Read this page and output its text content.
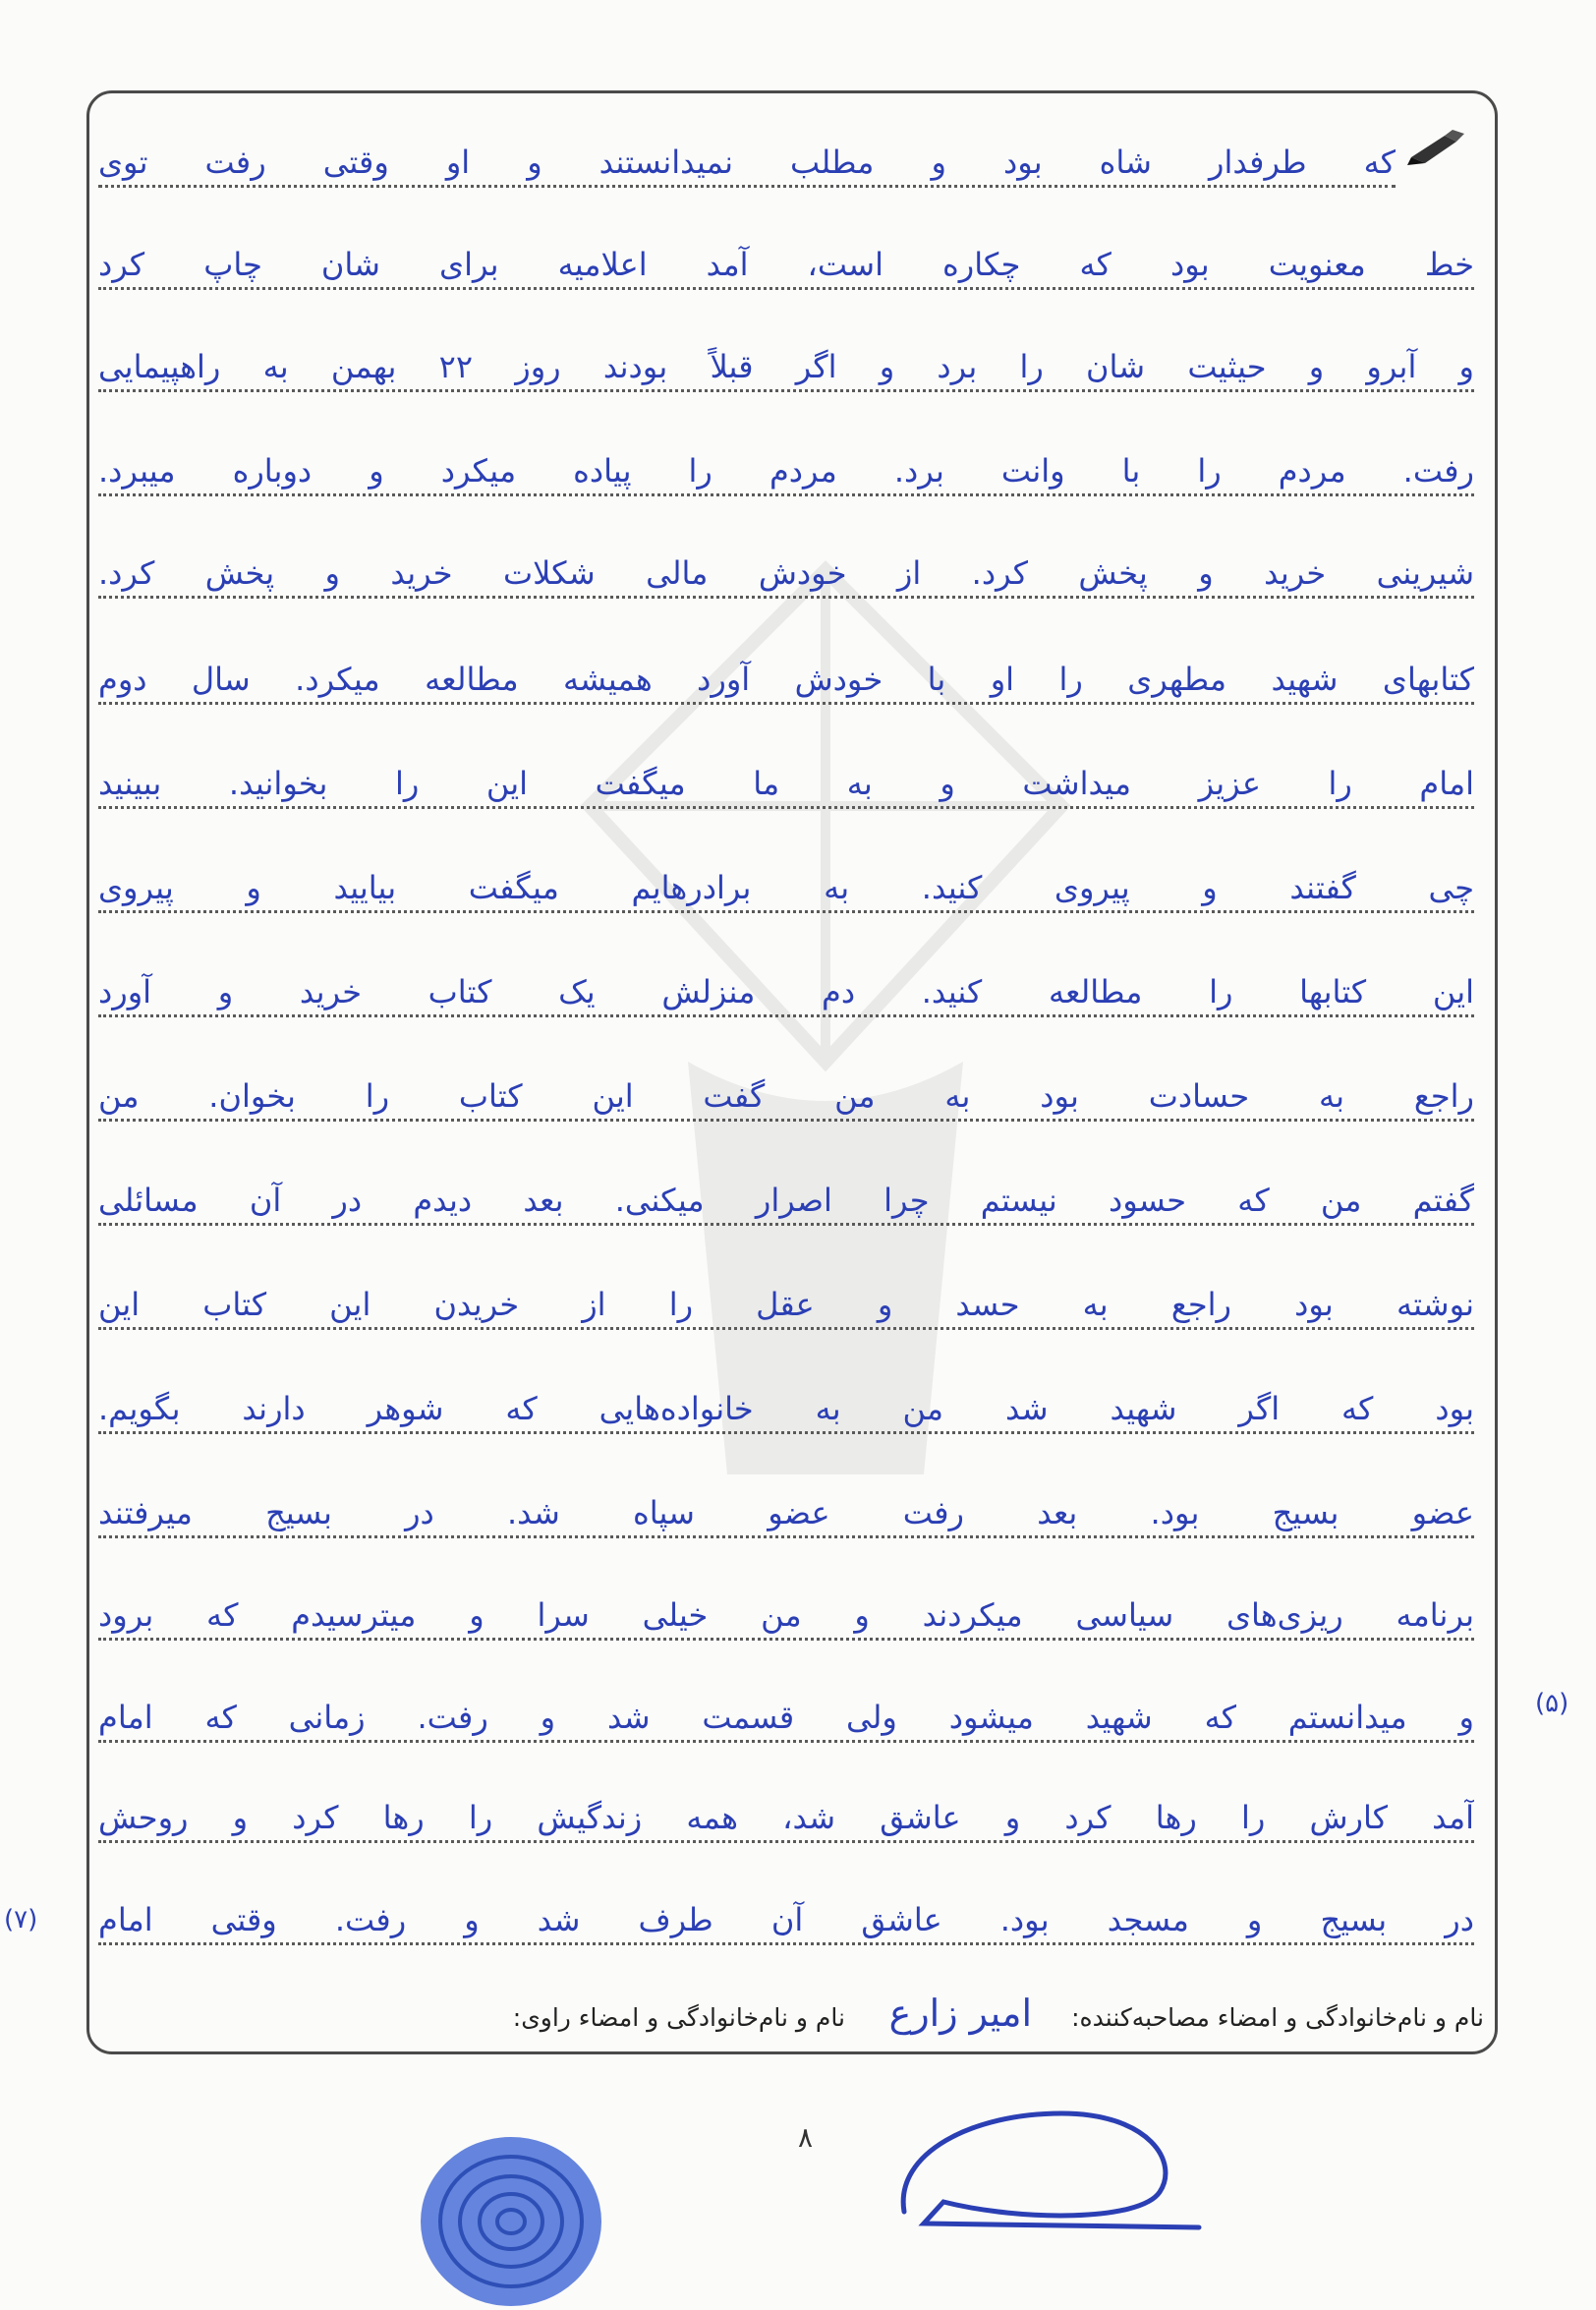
که طرفدار شاه بود و مطلب نمیدانستند و او وقتی رفت توی
خط معنویت بود که چکاره است، آمد اعلامیه برای شان چاپ کرد
و آبرو و حیثیت شان را برد و اگر قبلاً بودند روز ۲۲ بهمن به راهپیمایی
رفت. مردم را با وانت برد. مردم را پیاده میکرد و دوباره میبرد.
شیرینی خرید و پخش کرد. از خودش مالی شکلات خرید و پخش کرد.
کتابهای شهید مطهری را او با خودش آورد همیشه مطالعه میکرد. سال دوم
امام را عزیز میداشت و به ما میگفت این را بخوانید. ببینید
چی گفتند و پیروی کنید. به برادرهایم میگفت بیایید و پیروی
این کتابها را مطالعه کنید. دم منزلش یک کتاب خرید و آورد
راجع به حسادت بود به من گفت این کتاب را بخوان. من
گفتم من که حسود نیستم چرا اصرار میکنی. بعد دیدم در آن مسائلی
نوشته بود راجع به حسد و عقل را از خریدن این کتاب این
بود که اگر شهید شد من به خانواده‌هایی که شوهر دارند بگویم.
عضو بسیج بود. بعد رفت عضو سپاه شد. در بسیج میرفتند
برنامه ریزی‌های سیاسی میکردند و من خیلی سرا و میترسیدم که برود
و میدانستم که شهید میشود ولی قسمت شد و رفت. زمانی که امام
آمد کارش را رها کرد و عاشق شد، همه زندگیش را رها کرد و روحش
در بسیج و مسجد بود. عاشق آن طرف شد و رفت. وقتی امام
(۵)
(۷)
نام و نام‌خانوادگی و امضاء مصاحبه‌کننده:
امیر زارع
نام و نام‌خانوادگی و امضاء راوی:
۸
